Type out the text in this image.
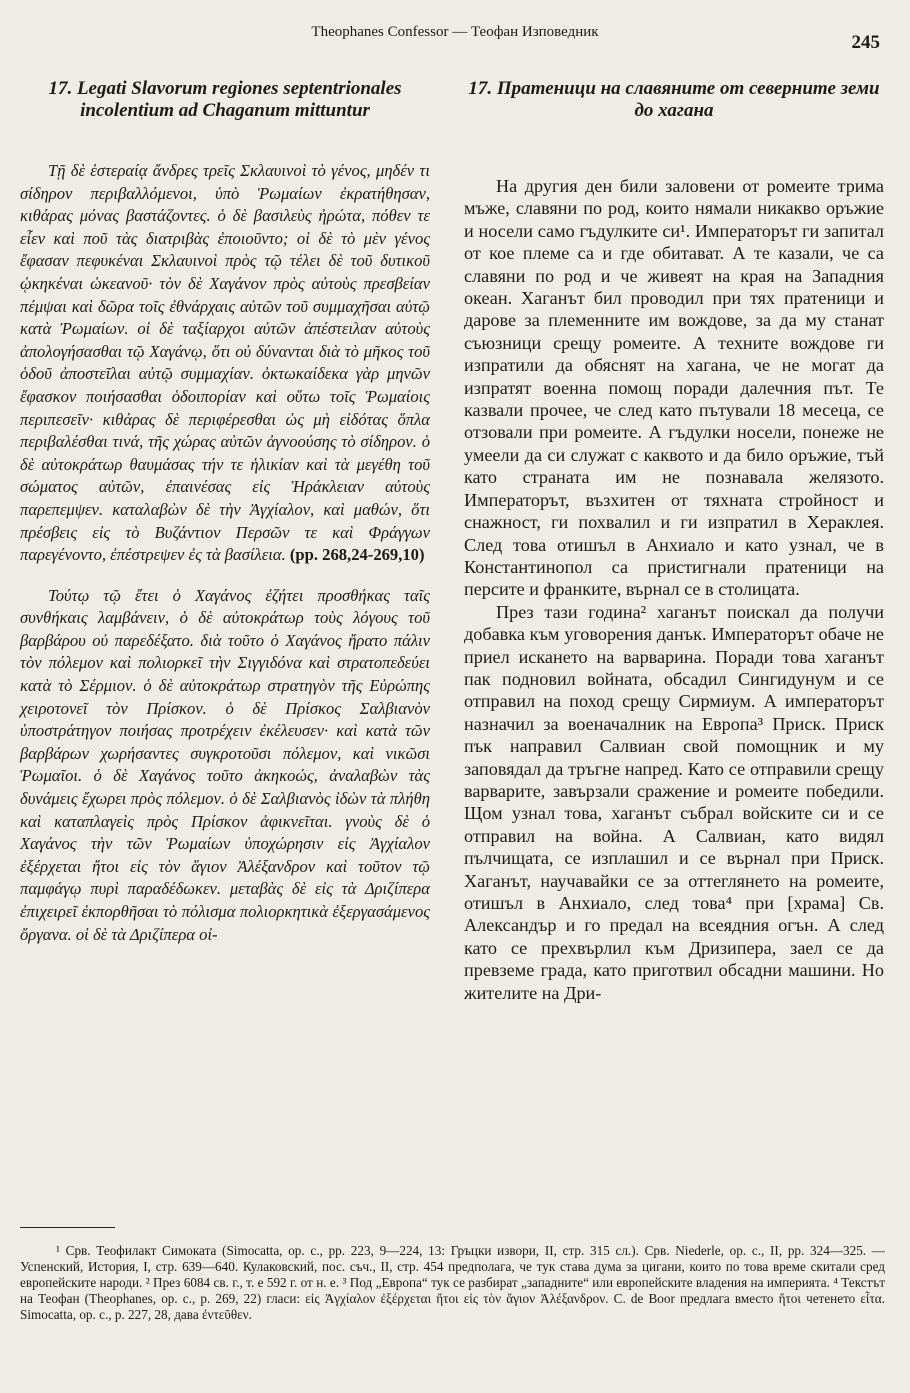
Theophanes Confessor — Теофан Изповедник	245
17. Legati Slavorum regiones septentrionales incolentium ad Chaganum mittuntur

Τῇ δὲ ἑστεραίᾳ ἄνδρες τρεῖς Σκλαυινοὶ τὸ γένος, μηδέν τι σίδηρον περιβαλλόμενοι, ὑπὸ Ῥωμαίων ἐκρατήθησαν, κιθάρας μόνας βαστάζοντες. ὁ δὲ βασιλεὺς ἠρώτα, πόθεν τε εἶεν καὶ ποῦ τὰς διατριβὰς ἐποιοῦντο; οἱ δὲ τὸ μὲν γένος ἔφασαν πεφυκέναι Σκλαυινοὶ πρὸς τῷ τέλει δὲ τοῦ δυτικοῦ ᾠκηκέναι ὠκεανοῦ· τὸν δὲ Χαγάνον πρὸς αὐτοὺς πρεσβείαν πέμψαι καὶ δῶρα τοῖς ἐθνάρχαις αὐτῶν τοῦ συμμαχῆσαι αὐτῷ κατὰ Ῥωμαίων. οἱ δὲ ταξίαρχοι αὐτῶν ἀπέστειλαν αὐτοὺς ἀπολογήσασθαι τῷ Χαγάνῳ, ὅτι οὐ δύνανται διὰ τὸ μῆκος τοῦ ὁδοῦ ἀποστεῖλαι αὐτῷ συμμαχίαν. ὀκτωκαίδεκα γὰρ μηνῶν ἔφασκον ποιήσασθαι ὁδοιπορίαν καὶ οὕτω τοῖς Ῥωμαίοις περιπεσεῖν· κιθάρας δὲ περιφέρεσθαι ὡς μὴ εἰδότας ὅπλα περιβαλέσθαι τινά, τῆς χώρας αὐτῶν ἀγνοούσης τὸ σίδηρον. ὁ δὲ αὐτοκράτωρ θαυμάσας τήν τε ἡλικίαν καὶ τὰ μεγέθη τοῦ σώματος αὐτῶν, ἐπαινέσας εἰς Ἡράκλειαν αὐτοὺς παρεπεμψεν. καταλαβὼν δὲ τὴν Ἀγχίαλον, καὶ μαθών, ὅτι πρέσβεις εἰς τὸ Βυζάντιον Περσῶν τε καὶ Φράγγων παρεγένοντο, ἐπέστρεψεν ἐς τὰ βασίλεια. (pp. 268,24-269,10)

Τούτῳ τῷ ἔτει ὁ Χαγάνος ἐζήτει προσθήκας ταῖς συνθήκαις λαμβάνειν, ὁ δὲ αὐτοκράτωρ τοὺς λόγους τοῦ βαρβάρου οὐ παρεδέξατο. διὰ τοῦτο ὁ Χαγάνος ἤρατο πάλιν τὸν πόλεμον καὶ πολιορκεῖ τὴν Σιγγιδόνα καὶ στρατοπεδεύει κατὰ τὸ Σέρμιον. ὁ δὲ αὐτοκράτωρ στρατηγὸν τῆς Εὐρώπης χειροτονεῖ τὸν Πρίσκον. ὁ δὲ Πρίσκος Σαλβιανὸν ὑποστράτηγον ποιήσας προτρέχειν ἐκέλευσεν· καὶ κατὰ τῶν βαρβάρων χωρήσαντες συγκροτοῦσι πόλεμον, καὶ νικῶσι Ῥωμαῖοι. ὁ δὲ Χαγάνος τοῦτο ἀκηκοώς, ἀναλαβὼν τὰς δυνάμεις ἔχωρει πρὸς πόλεμον. ὁ δὲ Σαλβιανὸς ἰδὼν τὰ πλήθη καὶ καταπλαγεὶς πρὸς Πρίσκον ἀφικνεῖται. γνοὺς δὲ ὁ Χαγάνος τὴν τῶν Ῥωμαίων ὑποχώρησιν εἰς Ἀγχίαλον ἐξέρχεται ἤτοι εἰς τὸν ἅγιον Ἀλέξανδρον καὶ τοῦτον τῷ παμφάγῳ πυρὶ παραδέδωκεν. μεταβὰς δὲ εἰς τὰ Δριζίπερα ἐπιχειρεῖ ἐκπορθῆσαι τὸ πόλισμα πολιορκητικὰ ἐξεργασάμενος ὄργανα. οἱ δὲ τὰ Δριζίπερα οἰ-

17. Пратеници на славяните от северните земи до хагана

На другия ден били заловени от ромеите трима мъже, славяни по род, които нямали никакво оръжие и носели само гъдулките си¹. Императорът ги запитал от кое племе са и где обитават. А те казали, че са славяни по род и че живеят на края на Западния океан. Хаганът бил проводил при тях пратеници и дарове за племенните им вождове, за да му станат съюзници срещу ромеите. А техните вождове ги изпратили да обяснят на хагана, че не могат да изпратят военна помощ поради далечния път. Те казвали прочее, че след като пътували 18 месеца, се отзовали при ромеите. А гъдулки носели, понеже не умеели да си служат с каквото и да било оръжие, тъй като страната им не познавала желязото. Императорът, възхитен от тяхната стройност и снажност, ги похвалил и ги изпратил в Хераклея. След това отишъл в Анхиало и като узнал, че в Константинопол са пристигнали пратеници на персите и франките, върнал се в столицата.

През тази година² хаганът поискал да получи добавка към уговорения данък. Императорът обаче не приел искането на варварина. Поради това хаганът пак подновил войната, обсадил Сингидунум и се отправил на поход срещу Сирмиум. А императорът назначил за военачалник на Европа³ Приск. Приск пък направил Салвиан свой помощник и му заповядал да тръгне напред. Като се отправили срещу варварите, завързали сражение и ромеите победили. Щом узнал това, хаганът събрал войските си и се отправил на война. А Салвиан, като видял пълчищата, се изплашил и се върнал при Приск. Хаганът, научавайки се за оттеглянето на ромеите, отишъл в Анхиало, след това⁴ при [храма] Св. Александър и го предал на всеядния огън. А след като се прехвърлил към Дризипера, заел се да превземе града, като приготвил обсадни машини. Но жителите на Дри-

¹ Срв. Теофилакт Симоката (Simocatta, op. c., pp. 223, 9—224, 13: Гръцки извори, II, стр. 315 сл.). Срв. Niederle, op. c., II, pp. 324—325. — Успенский, История, I, стр. 639—640. Кулаковский, пос. съч., II, стр. 454 предполага, че тук става дума за цигани, които по това време скитали сред европейските народи. ² През 6084 св. г., т. е 592 г. от н. е. ³ Под „Европа“ тук се разбират „западните“ или европейските владения на империята. ⁴ Текстът на Теофан (Theophanes, op. c., p. 269, 22) гласи: εἰς Ἀγχίαλον ἐξέρχεται ἤτοι εἰς τὸν ἅγιον Ἀλέξανδρον. C. de Boor предлага вместо ἤτοι четенето εἶτα. Simocatta, op. c., p. 227, 28, дава ἐντεῦθεν.
